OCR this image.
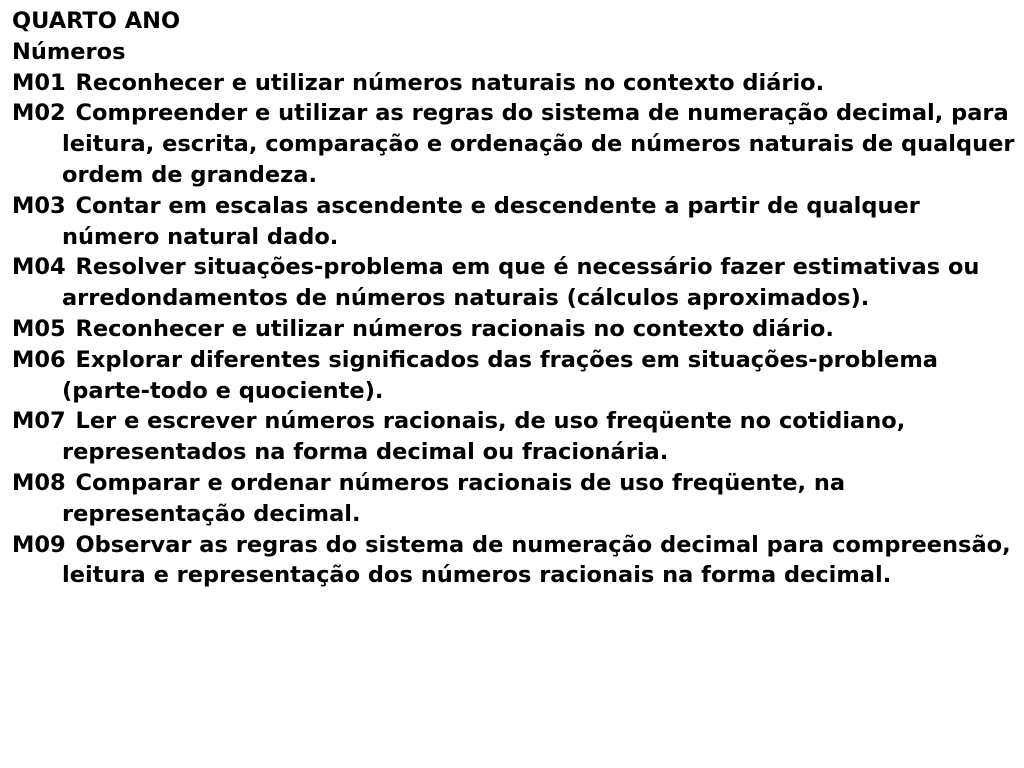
QUARTO ANO

Números

M01 Reconhecer e utilizar números naturais no contexto diário.
M02 Compreender e utilizar as regras do sistema de numeração decimal, para leitura, escrita, comparação e ordenação de números naturais de qualquer ordem de grandeza.
M03 Contar em escalas ascendente e descendente a partir de qualquer número natural dado.
M04 Resolver situações-problema em que é necessário fazer estimativas ou arredondamentos de números naturais (cálculos aproximados).
M05 Reconhecer e utilizar números racionais no contexto diário.
M06 Explorar diferentes significados das frações em situações-problema (parte-todo e quociente).
M07 Ler e escrever números racionais, de uso freqüente no cotidiano, representados na forma decimal ou fracionária.
M08 Comparar e ordenar números racionais de uso freqüente, na representação decimal.
M09 Observar as regras do sistema de numeração decimal para compreensão, leitura e representação dos números racionais na forma decimal.
